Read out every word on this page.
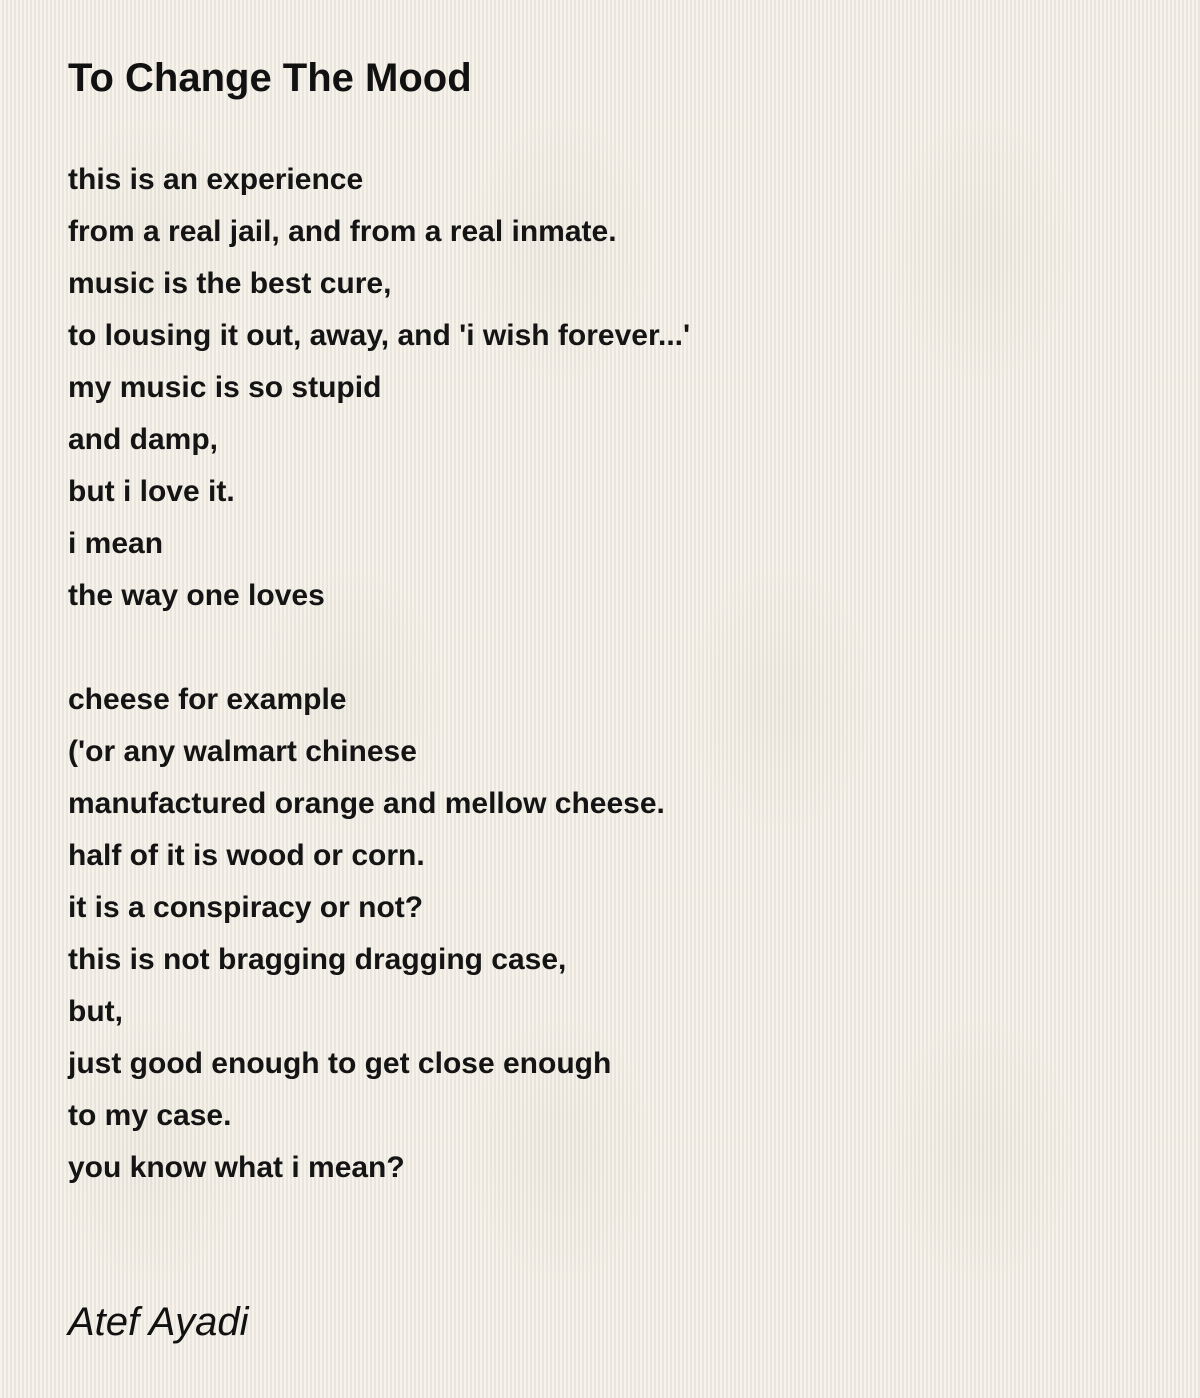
To Change The Mood
this is an experience
from a real jail, and from a real inmate.
music is the best cure,
to lousing it out, away, and 'i wish forever...'
my music is so stupid
and damp,
but i love it.
i mean
the way one loves
cheese for example
('or any walmart chinese
manufactured orange and mellow cheese.
half of it is wood or corn.
it is a conspiracy or not?
this is not bragging dragging case,
but,
just good enough to get close enough
to my case.
you know what i mean?

Atef Ayadi
